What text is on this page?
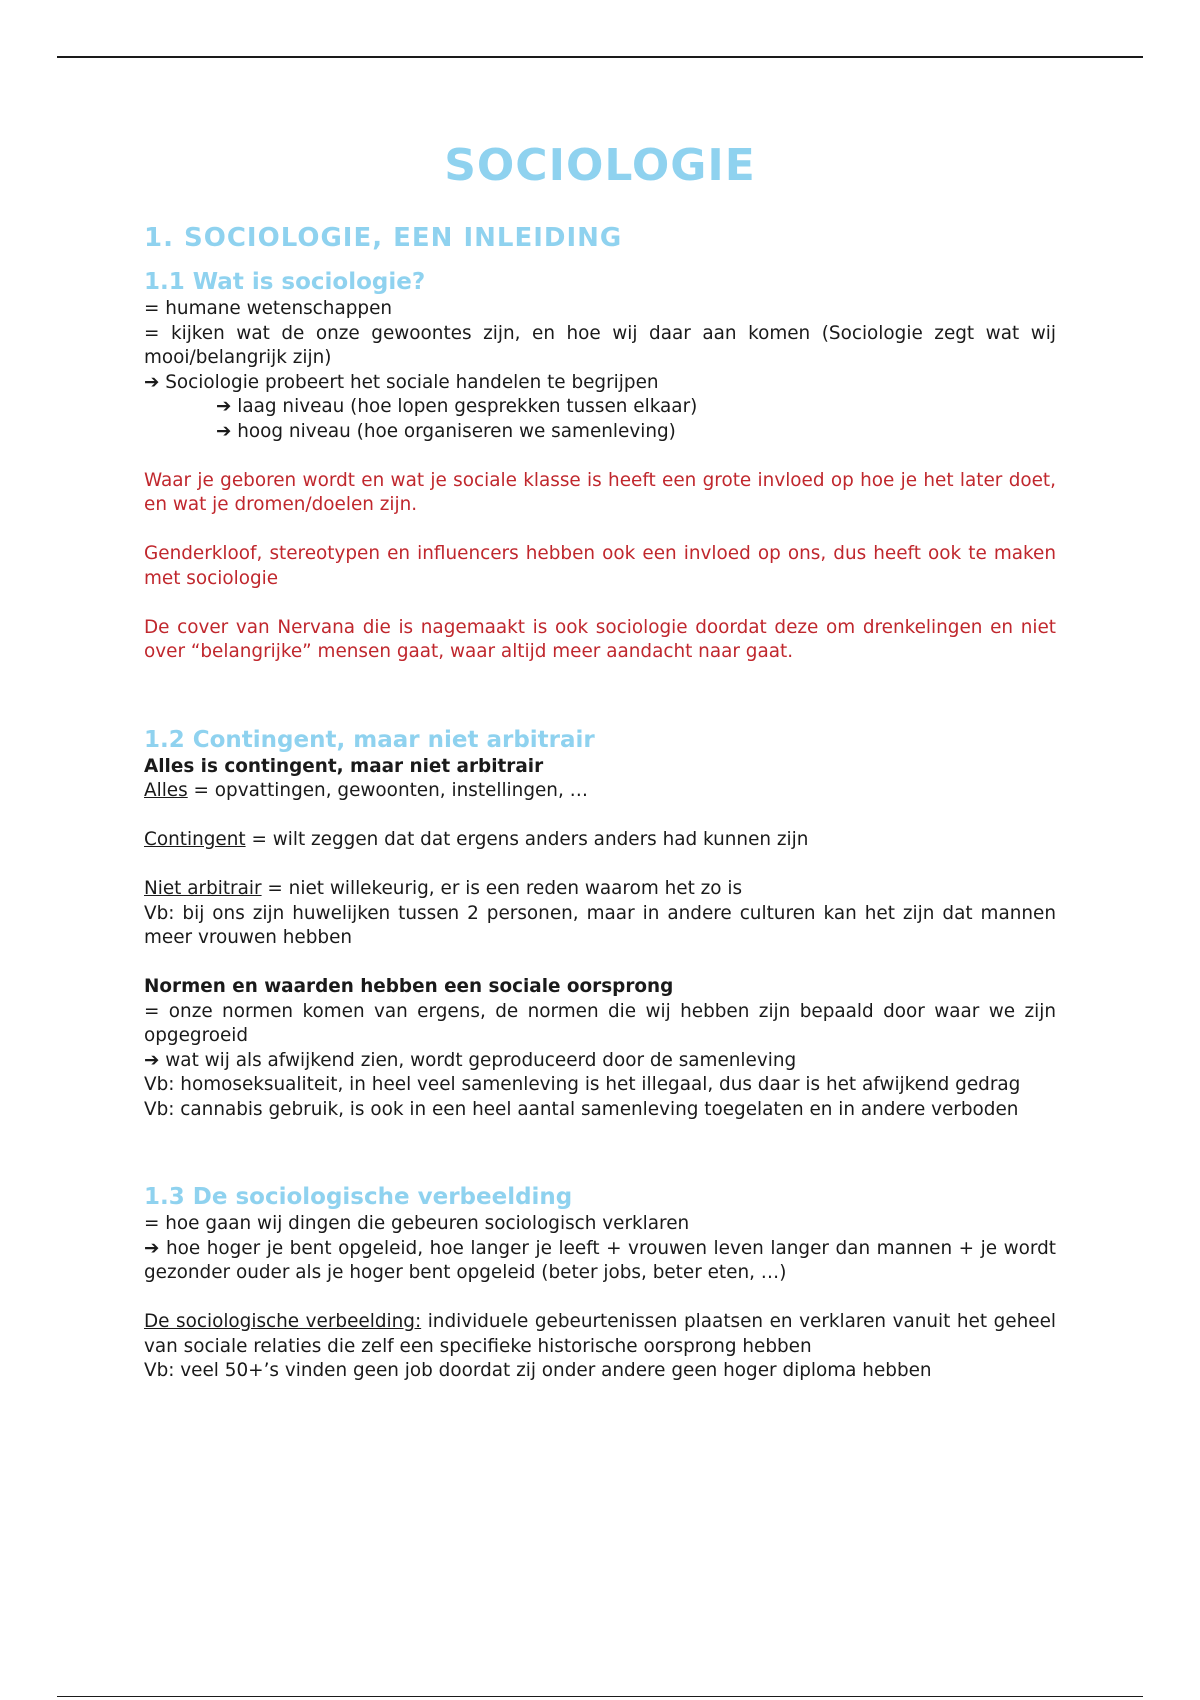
SOCIOLOGIE
1. SOCIOLOGIE, EEN INLEIDING
1.1 Wat is sociologie?

= humane wetenschappen

= kijken wat de onze gewoontes zijn, en hoe wij daar aan komen (Sociologie zegt wat wij mooi/belangrijk zijn)

➔ Sociologie probeert het sociale handelen te begrijpen

➔ laag niveau (hoe lopen gesprekken tussen elkaar)

➔ hoog niveau (hoe organiseren we samenleving)

Waar je geboren wordt en wat je sociale klasse is heeft een grote invloed op hoe je het later doet, en wat je dromen/doelen zijn.

Genderkloof, stereotypen en influencers hebben ook een invloed op ons, dus heeft ook te maken met sociologie

De cover van Nervana die is nagemaakt is ook sociologie doordat deze om drenkelingen en niet over “belangrijke” mensen gaat, waar altijd meer aandacht naar gaat.

1.2 Contingent, maar niet arbitrair

Alles is contingent, maar niet arbitrair

Alles = opvattingen, gewoonten, instellingen, …

Contingent = wilt zeggen dat dat ergens anders anders had kunnen zijn

Niet arbitrair = niet willekeurig, er is een reden waarom het zo is

Vb: bij ons zijn huwelijken tussen 2 personen, maar in andere culturen kan het zijn dat mannen meer vrouwen hebben

Normen en waarden hebben een sociale oorsprong

= onze normen komen van ergens, de normen die wij hebben zijn bepaald door waar we zijn opgegroeid

➔ wat wij als afwijkend zien, wordt geproduceerd door de samenleving

Vb: homoseksualiteit, in heel veel samenleving is het illegaal, dus daar is het afwijkend gedrag

Vb: cannabis gebruik, is ook in een heel aantal samenleving toegelaten en in andere verboden

1.3 De sociologische verbeelding

= hoe gaan wij dingen die gebeuren sociologisch verklaren

➔ hoe hoger je bent opgeleid, hoe langer je leeft + vrouwen leven langer dan mannen + je wordt gezonder ouder als je hoger bent opgeleid (beter jobs, beter eten, …)

De sociologische verbeelding: individuele gebeurtenissen plaatsen en verklaren vanuit het geheel van sociale relaties die zelf een specifieke historische oorsprong hebben

Vb: veel 50+’s vinden geen job doordat zij onder andere geen hoger diploma hebben
